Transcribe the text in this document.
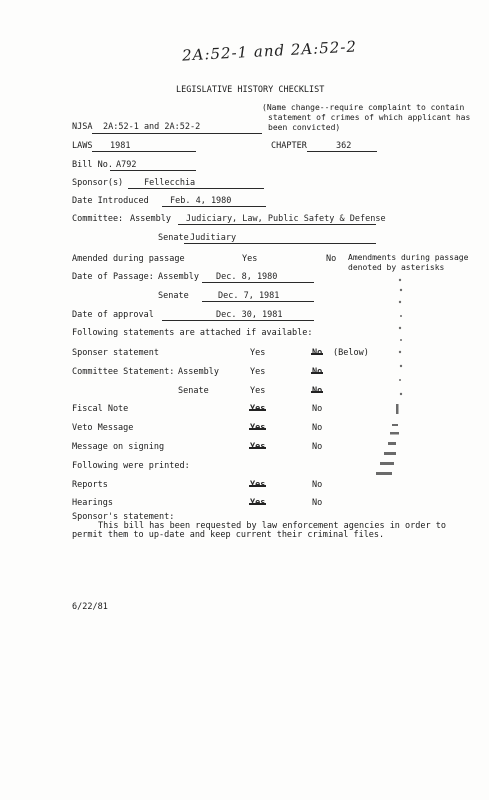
2A:52-1 and 2A:52-2
LEGISLATIVE HISTORY CHECKLIST
(Name change--require complaint to contain
statement of crimes of which applicant has
been convicted)
NJSA 2A:52-1 and 2A:52-2
LAWS 1981	CHAPTER	362
Bill No. A792
Sponsor(s) Fellecchia
Date Introduced Feb. 4, 1980
Committee: Assembly Judiciary, Law, Public Safety & Defense
Senate Juditiary
Amended during passage	Yes	No Amendments during passage
denoted by asterisks
Date of Passage: Assembly Dec. 8, 1980
Senate	Dec. 7, 1981
Date of approval	Dec. 30, 1981
Following statements are attached if available:
Sponser statement	Yes	No (Below)
Committee Statement: Assembly	Yes	No
Senate	Yes	No
Fiscal Note	Yes	No
Veto Message	Yes	No
Message on signing	Yes	No
Following were printed:
Reports	Yes	No
Hearings	Yes	No
Sponsor's statement:
This bill has been requested by law enforcement agencies in order to
permit them to up-date and keep current their criminal files.
6/22/81
